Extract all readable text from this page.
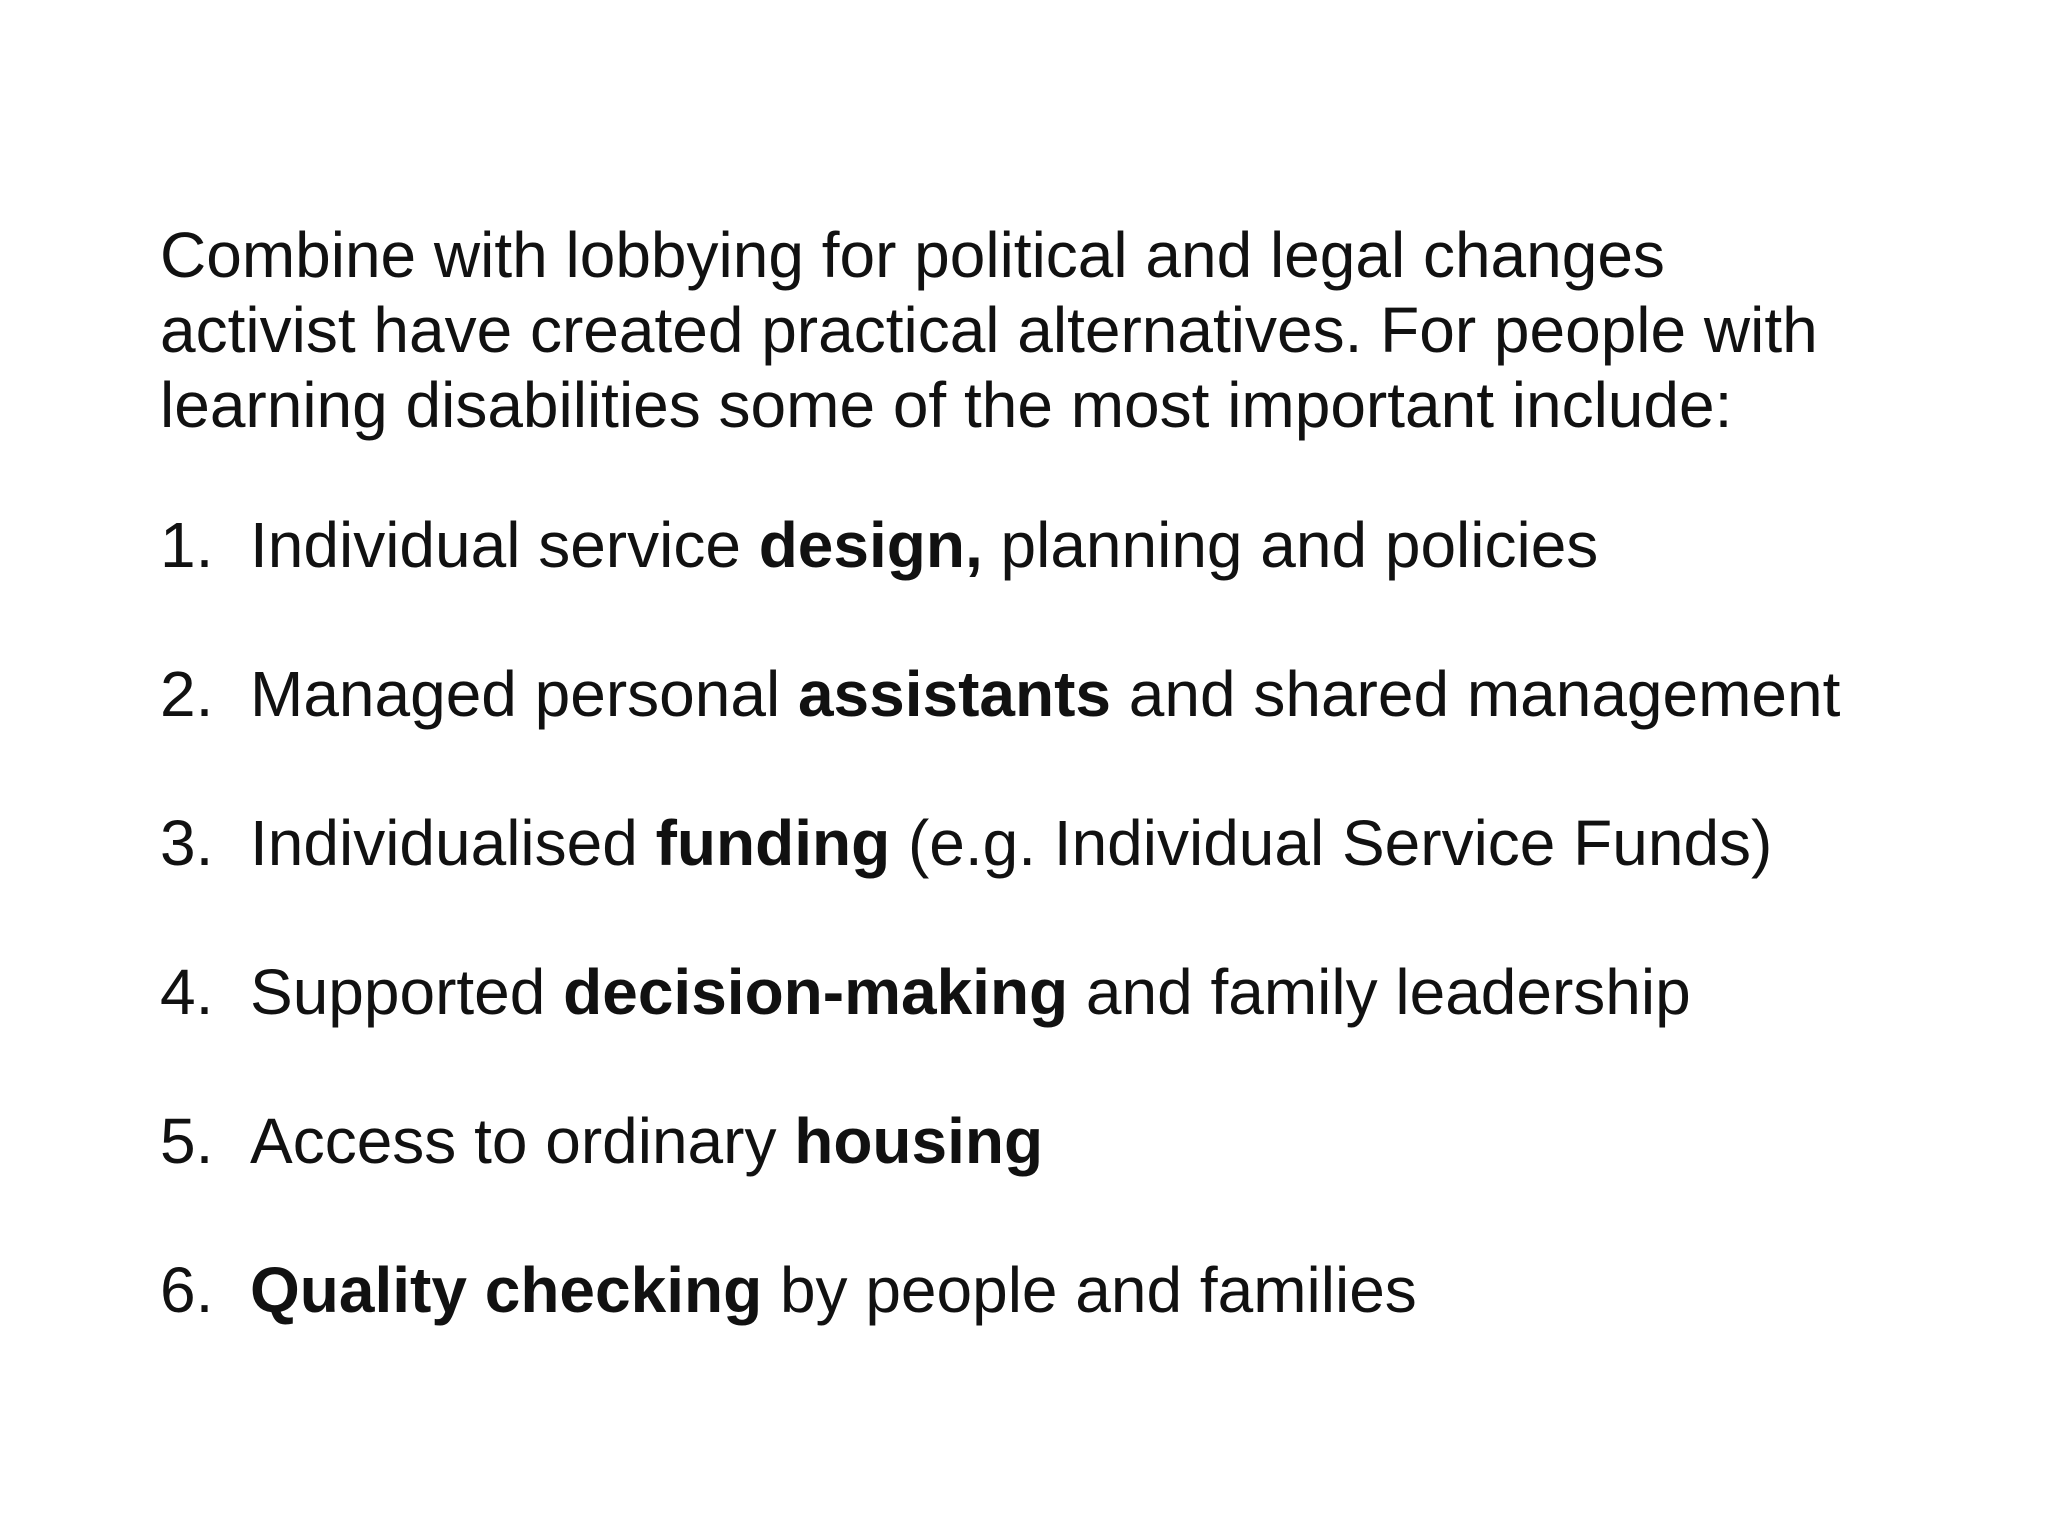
Combine with lobbying for political and legal changes
activist have created practical alternatives. For people with
learning disabilities some of the most important include:

1. Individual service design, planning and policies
2. Managed personal assistants and shared management
3. Individualised funding (e.g. Individual Service Funds)
4. Supported decision-making and family leadership
5. Access to ordinary housing
6. Quality checking by people and families
